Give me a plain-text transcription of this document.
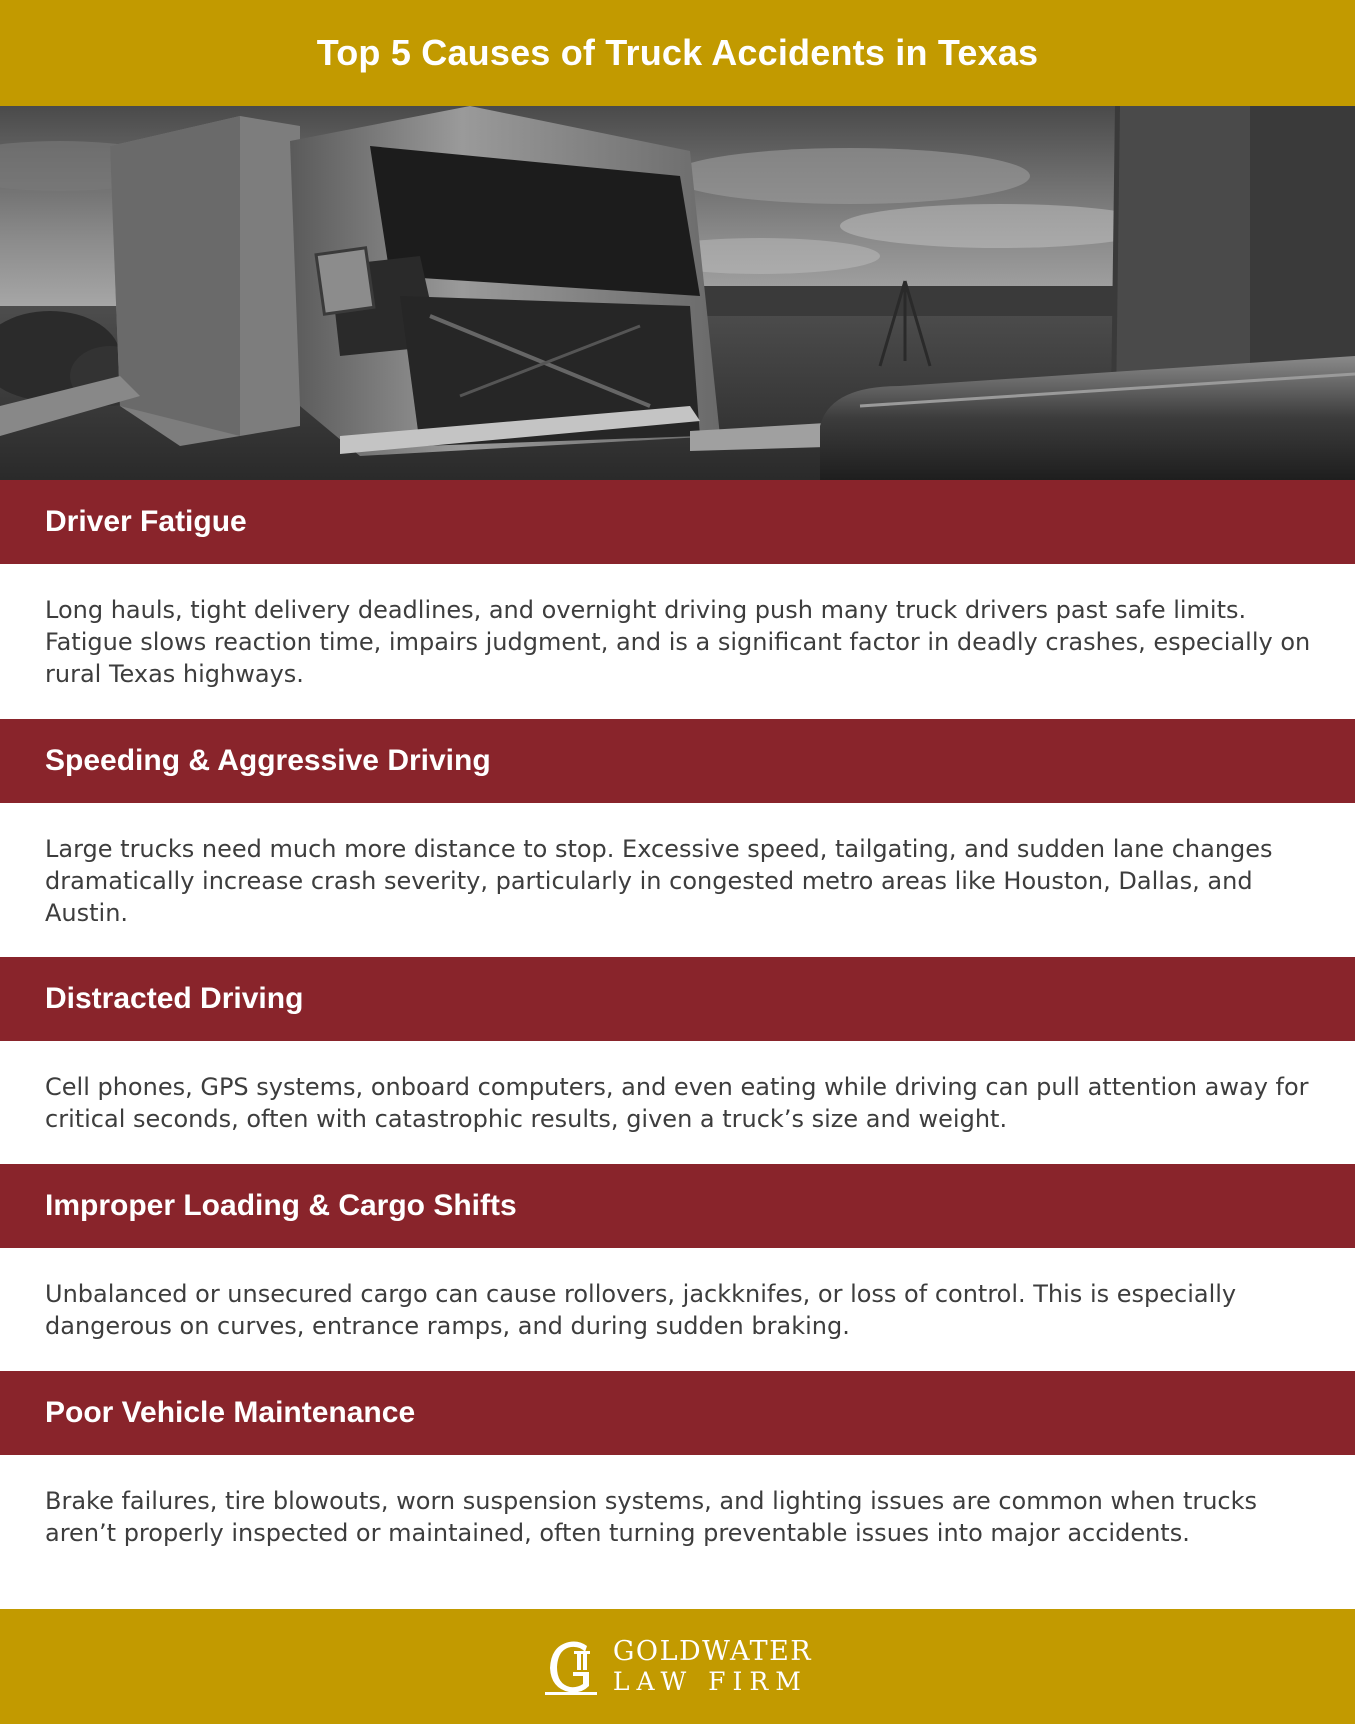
Top 5 Causes of Truck Accidents in Texas
Driver Fatigue

Long hauls, tight delivery deadlines, and overnight driving push many truck drivers past safe limits. Fatigue slows reaction time, impairs judgment, and is a significant factor in deadly crashes, especially on rural Texas highways.

Speeding & Aggressive Driving

Large trucks need much more distance to stop. Excessive speed, tailgating, and sudden lane changes dramatically increase crash severity, particularly in congested metro areas like Houston, Dallas, and Austin.

Distracted Driving

Cell phones, GPS systems, onboard computers, and even eating while driving can pull attention away for critical seconds, often with catastrophic results, given a truck’s size and weight.

Improper Loading & Cargo Shifts

Unbalanced or unsecured cargo can cause rollovers, jackknifes, or loss of control. This is especially dangerous on curves, entrance ramps, and during sudden braking.

Poor Vehicle Maintenance

Brake failures, tire blowouts, worn suspension systems, and lighting issues are common when trucks aren’t properly inspected or maintained, often turning preventable issues into major accidents.

GOLDWATER
LAW FIRM
